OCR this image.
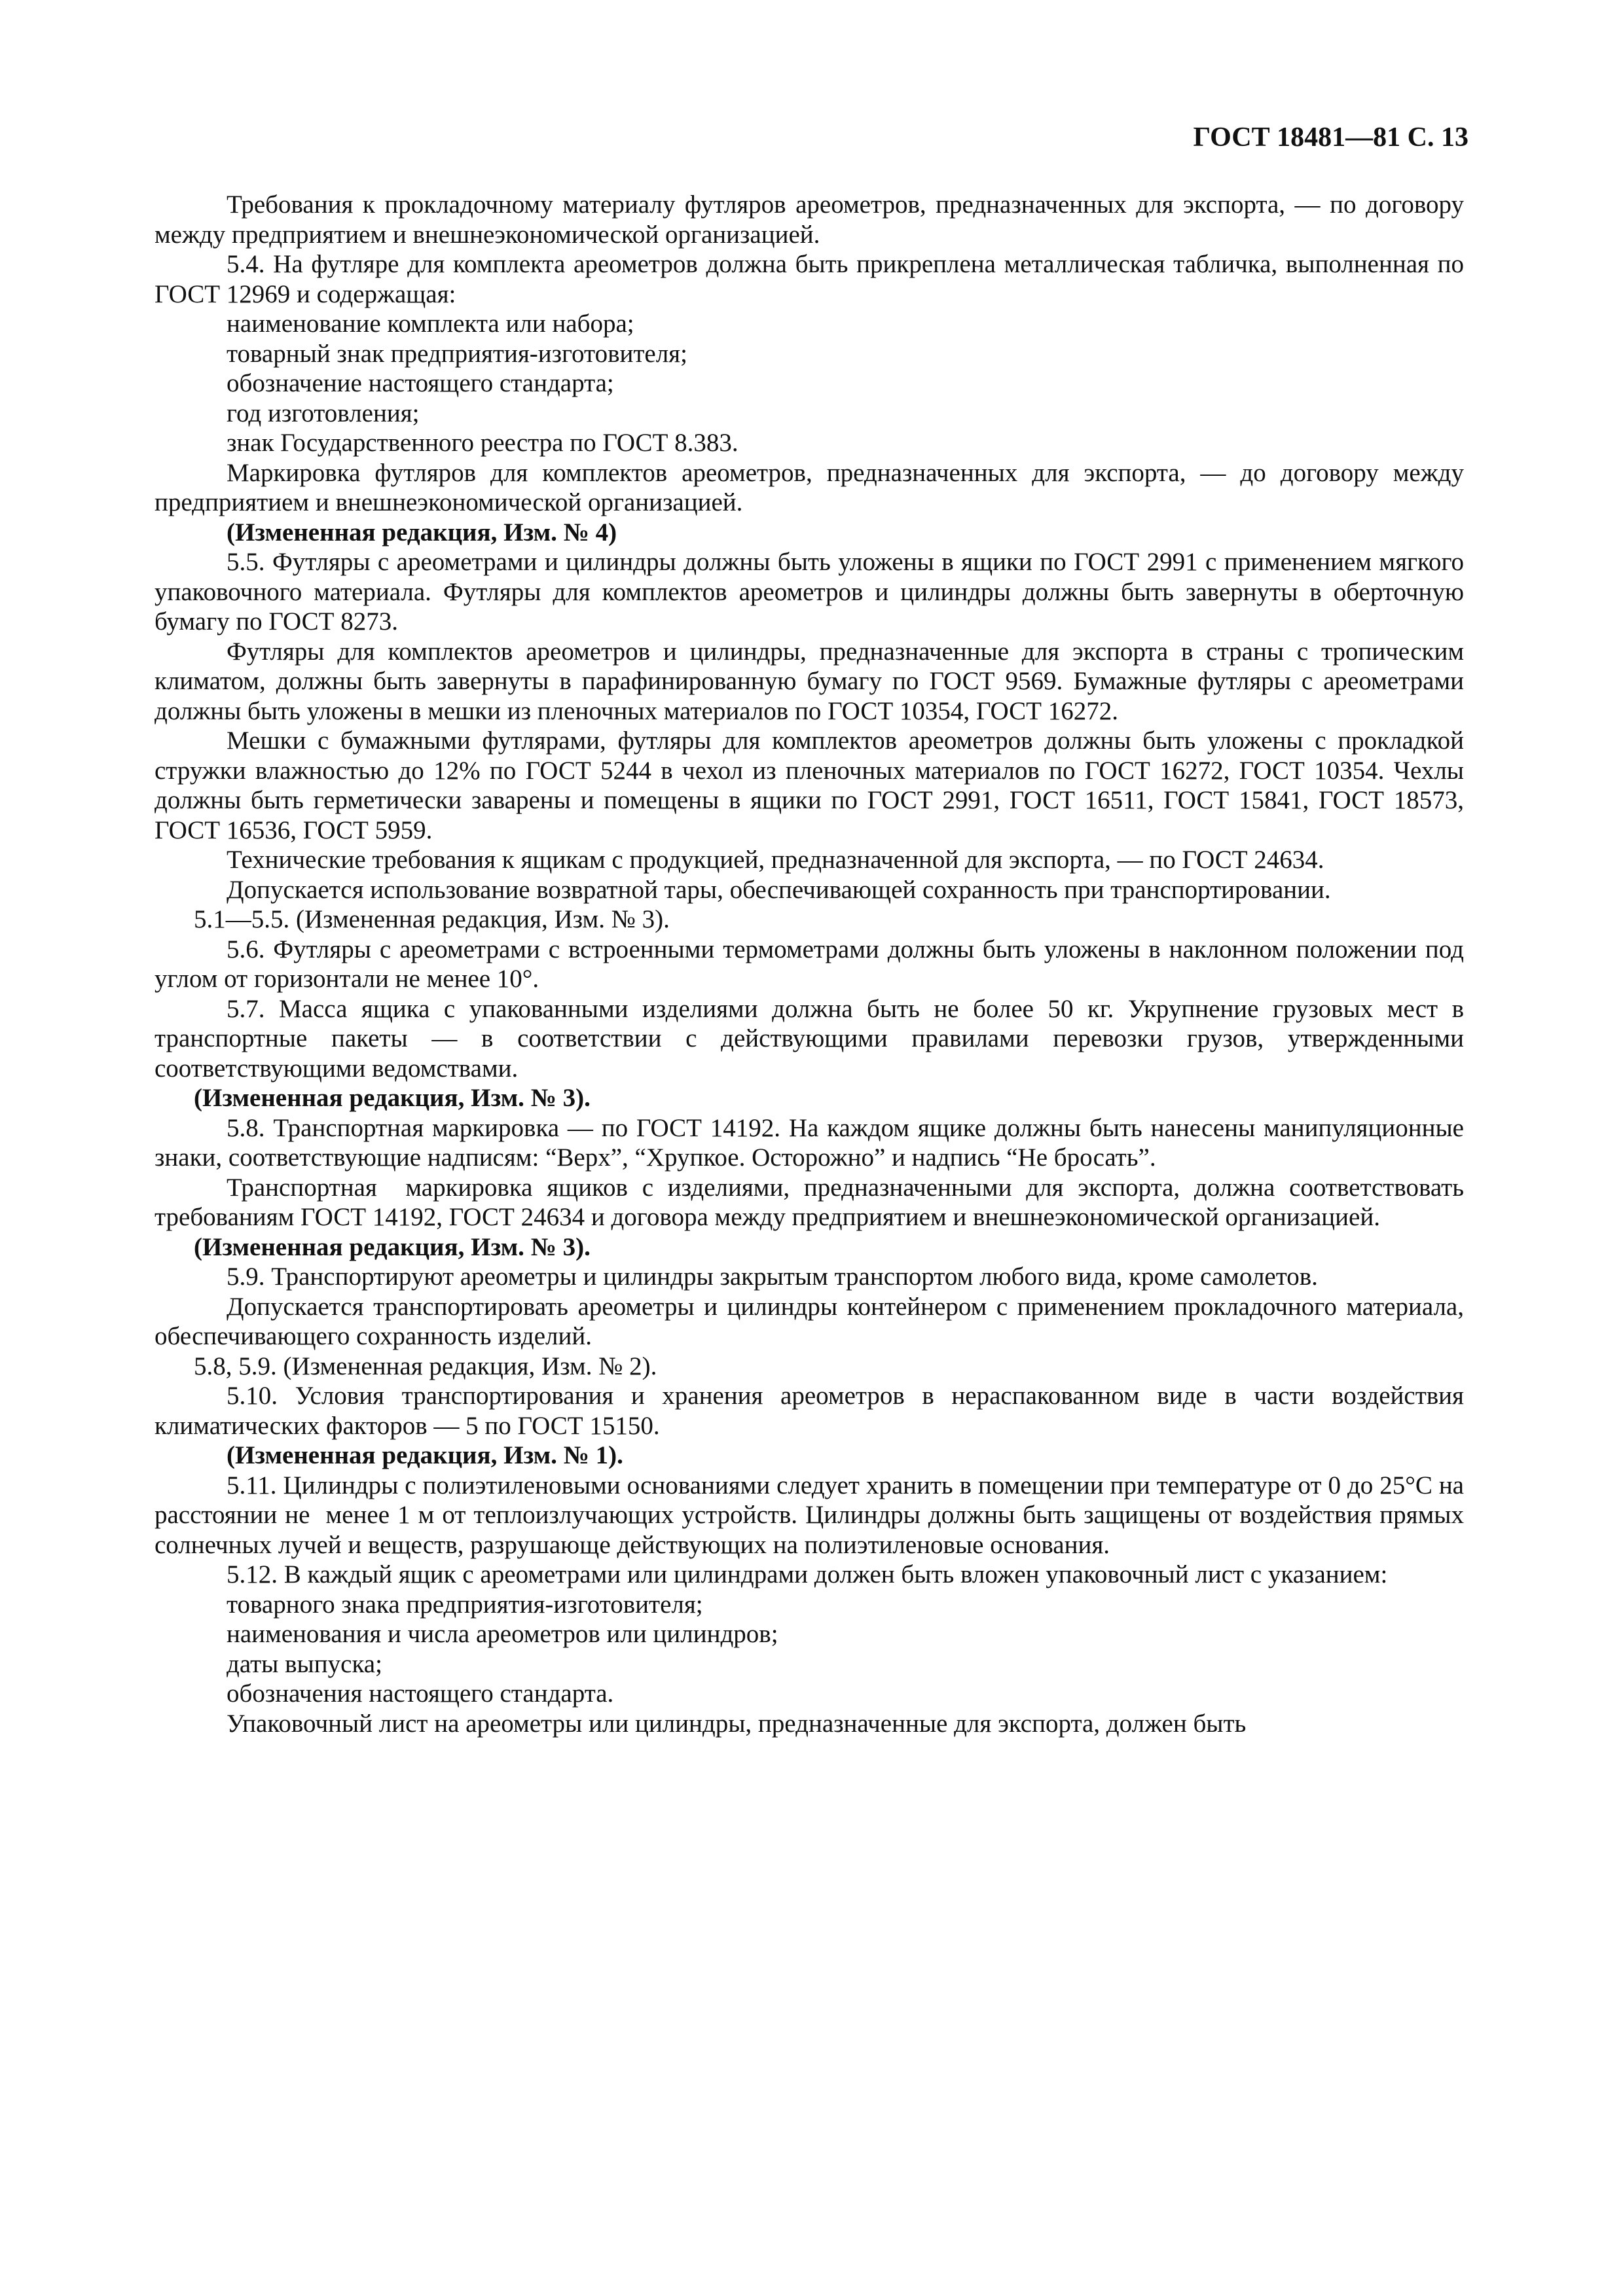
ГОСТ 18481—81 С. 13

Требования к прокладочному материалу футляров ареометров, предназначенных для экспорта, — по договору между предприятием и внешнеэкономической организацией.

5.4. На футляре для комплекта ареометров должна быть прикреплена металлическая табличка, выполненная по ГОСТ 12969 и содержащая:

наименование комплекта или набора;

товарный знак предприятия-изготовителя;

обозначение настоящего стандарта;

год изготовления;

знак Государственного реестра по ГОСТ 8.383.

Маркировка футляров для комплектов ареометров, предназначенных для экспорта, — до договору между предприятием и внешнеэкономической организацией.

(Измененная редакция, Изм. № 4)

5.5. Футляры с ареометрами и цилиндры должны быть уложены в ящики по ГОСТ 2991 с применением мягкого упаковочного материала. Футляры для комплектов ареометров и цилиндры должны быть завернуты в оберточную бумагу по ГОСТ 8273.

Футляры для комплектов ареометров и цилиндры, предназначенные для экспорта в страны с тропическим климатом, должны быть завернуты в парафинированную бумагу по ГОСТ 9569. Бумажные футляры с ареометрами должны быть уложены в мешки из пленочных материалов по ГОСТ 10354, ГОСТ 16272.

Мешки с бумажными футлярами, футляры для комплектов ареометров должны быть уложены с прокладкой стружки влажностью до 12% по ГОСТ 5244 в чехол из пленочных материалов по ГОСТ 16272, ГОСТ 10354. Чехлы должны быть герметически заварены и помещены в ящики по ГОСТ 2991, ГОСТ 16511, ГОСТ 15841, ГОСТ 18573, ГОСТ 16536, ГОСТ 5959.

Технические требования к ящикам с продукцией, предназначенной для экспорта, — по ГОСТ 24634.

Допускается использование возвратной тары, обеспечивающей сохранность при транспортировании.

5.1—5.5. (Измененная редакция, Изм. № 3).

5.6. Футляры с ареометрами с встроенными термометрами должны быть уложены в наклонном положении под углом от горизонтали не менее 10°.

5.7. Масса ящика с упакованными изделиями должна быть не более 50 кг. Укрупнение грузовых мест в транспортные пакеты — в соответствии с действующими правилами перевозки грузов, утвержденными соответствующими ведомствами.

(Измененная редакция, Изм. № 3).

5.8. Транспортная маркировка — по ГОСТ 14192. На каждом ящике должны быть нанесены манипуляционные знаки, соответствующие надписям: “Верх”, “Хрупкое. Осторожно” и надпись “Не бросать”.

Транспортная  маркировка ящиков с изделиями, предназначенными для экспорта, должна соответствовать требованиям ГОСТ 14192, ГОСТ 24634 и договора между предприятием и внешнеэкономической организацией.

(Измененная редакция, Изм. № 3).

5.9. Транспортируют ареометры и цилиндры закрытым транспортом любого вида, кроме самолетов.

Допускается транспортировать ареометры и цилиндры контейнером с применением прокладочного материала, обеспечивающего сохранность изделий.

5.8, 5.9. (Измененная редакция, Изм. № 2).

5.10. Условия транспортирования и хранения ареометров в нераспакованном виде в части воздействия климатических факторов — 5 по ГОСТ 15150.

(Измененная редакция, Изм. № 1).

5.11. Цилиндры с полиэтиленовыми основаниями следует хранить в помещении при температуре от 0 до 25°С на расстоянии не  менее 1 м от теплоизлучающих устройств. Цилиндры должны быть защищены от воздействия прямых солнечных лучей и веществ, разрушающе действующих на полиэтиленовые основания.

5.12. В каждый ящик с ареометрами или цилиндрами должен быть вложен упаковочный лист с указанием:

товарного знака предприятия-изготовителя;

наименования и числа ареометров или цилиндров;

даты выпуска;

обозначения настоящего стандарта.

Упаковочный лист на ареометры или цилиндры, предназначенные для экспорта, должен быть
